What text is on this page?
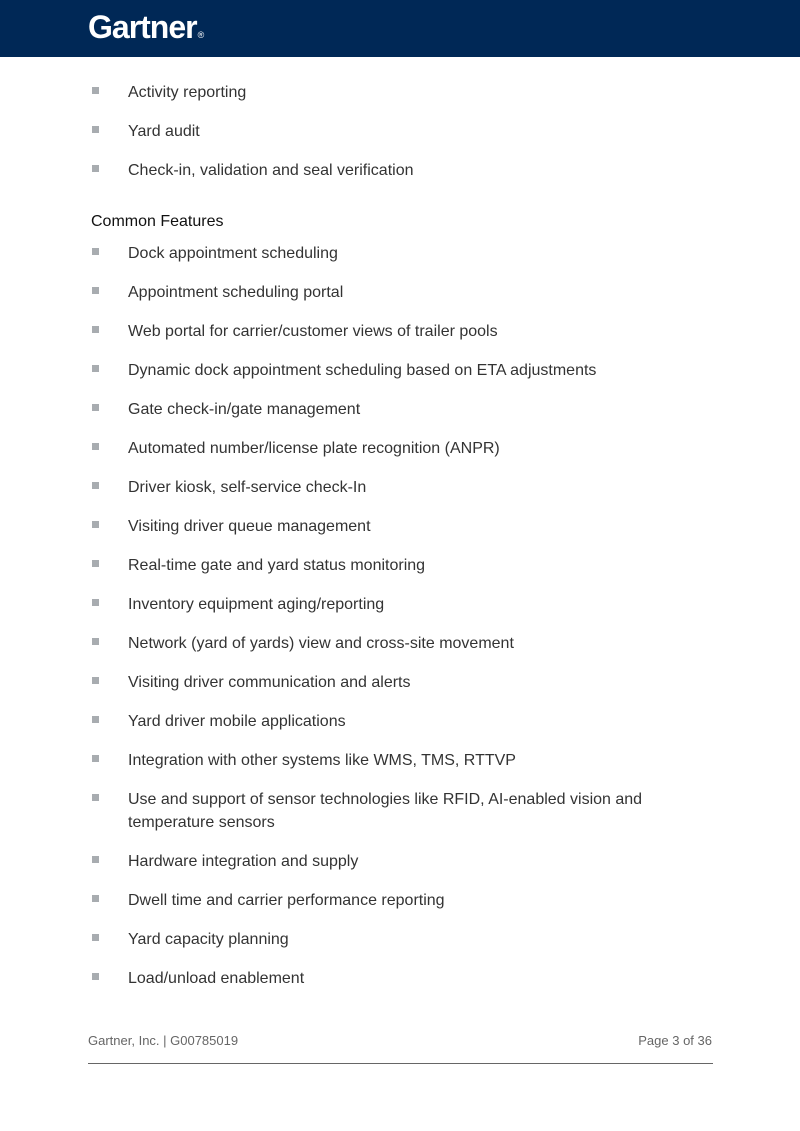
Gartner®
Activity reporting
Yard audit
Check-in, validation and seal verification
Common Features
Dock appointment scheduling
Appointment scheduling portal
Web portal for carrier/customer views of trailer pools
Dynamic dock appointment scheduling based on ETA adjustments
Gate check-in/gate management
Automated number/license plate recognition (ANPR)
Driver kiosk, self-service check-In
Visiting driver queue management
Real-time gate and yard status monitoring
Inventory equipment aging/reporting
Network (yard of yards) view and cross-site movement
Visiting driver communication and alerts
Yard driver mobile applications
Integration with other systems like WMS, TMS, RTTVP
Use and support of sensor technologies like RFID, AI-enabled vision and temperature sensors
Hardware integration and supply
Dwell time and carrier performance reporting
Yard capacity planning
Load/unload enablement
Gartner, Inc. | G00785019	Page 3 of 36
